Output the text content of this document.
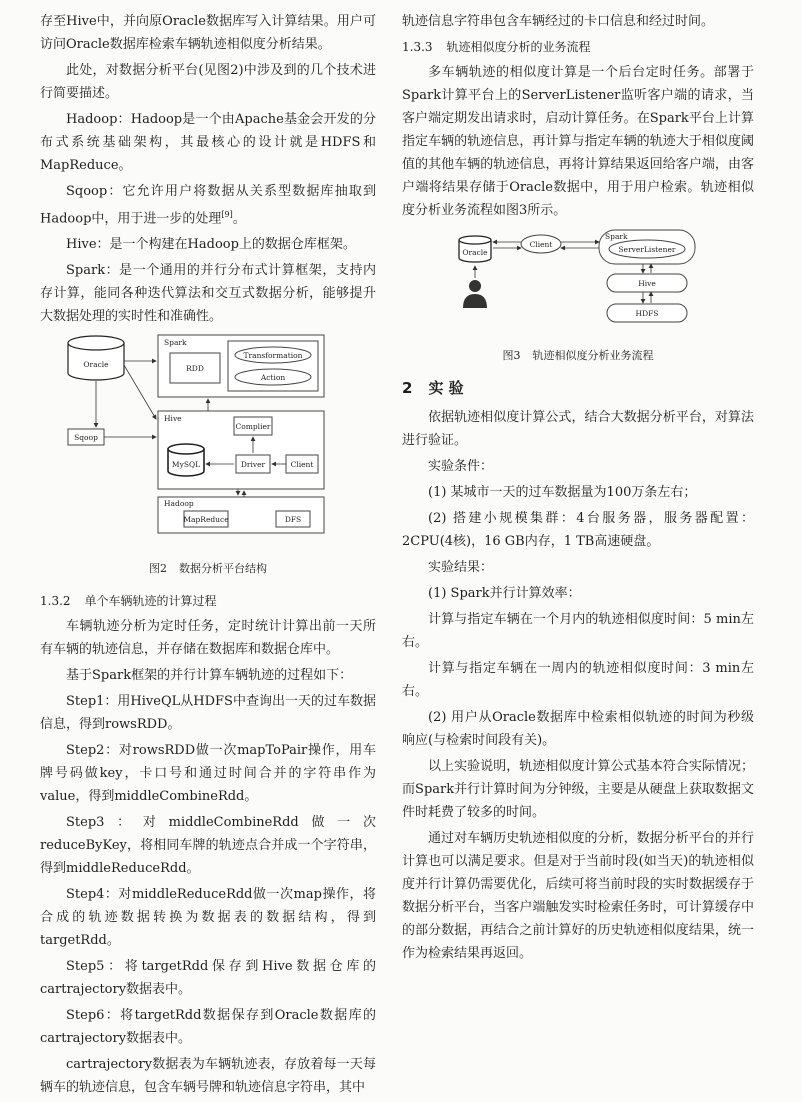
存至Hive中，并向原Oracle数据库写入计算结果。用户可访问Oracle数据库检索车辆轨迹相似度分析结果。

此处，对数据分析平台(见图2)中涉及到的几个技术进行简要描述。

Hadoop：Hadoop是一个由Apache基金会开发的分布式系统基础架构，其最核心的设计就是HDFS和MapReduce。

Sqoop：它允许用户将数据从关系型数据库抽取到Hadoop中，用于进一步的处理[9]。

Hive：是一个构建在Hadoop上的数据仓库框架。

Spark：是一个通用的并行分布式计算框架，支持内存计算，能同各种迭代算法和交互式数据分析，能够提升大数据处理的实时性和准确性。

Oracle
Spark
RDD
Transformation
Action
Hive
Complier
MySQL	Driver	Client
Hadoop
MapReduce	DFS
Sqoop
图2 数据分析平台结构
1.3.2 单个车辆轨迹的计算过程

车辆轨迹分析为定时任务，定时统计计算出前一天所有车辆的轨迹信息，并存储在数据库和数据仓库中。

基于Spark框架的并行计算车辆轨迹的过程如下：

Step1：用HiveQL从HDFS中查询出一天的过车数据信息，得到rowsRDD。

Step2：对rowsRDD做一次mapToPair操作，用车牌号码做key，卡口号和通过时间合并的字符串作为value，得到middleCombineRdd。

Step3：对middleCombineRdd做一次reduceByKey，将相同车牌的轨迹点合并成一个字符串，得到middleReduceRdd。

Step4：对middleReduceRdd做一次map操作，将合成的轨迹数据转换为数据表的数据结构，得到targetRdd。

Step5：将targetRdd保存到Hive数据仓库的cartrajectory数据表中。

Step6：将targetRdd数据保存到Oracle数据库的cartrajectory数据表中。

cartrajectory数据表为车辆轨迹表，存放着每一天每辆车的轨迹信息，包含车辆号牌和轨迹信息字符串，其中

轨迹信息字符串包含车辆经过的卡口信息和经过时间。

1.3.3 轨迹相似度分析的业务流程

多车辆轨迹的相似度计算是一个后台定时任务。部署于Spark计算平台上的ServerListener监听客户端的请求，当客户端定期发出请求时，启动计算任务。在Spark平台上计算指定车辆的轨迹信息，再计算与指定车辆的轨迹大于相似度阈值的其他车辆的轨迹信息，再将计算结果返回给客户端，由客户端将结果存储于Oracle数据中，用于用户检索。轨迹相似度分析业务流程如图3所示。

Oracle
Client
Spark
ServerListener
Hive
HDFS
图3 轨迹相似度分析业务流程
2 实 验

依据轨迹相似度计算公式，结合大数据分析平台，对算法进行验证。

实验条件：

(1) 某城市一天的过车数据量为100万条左右；

(2) 搭建小规模集群：4台服务器，服务器配置：2CPU(4核)，16 GB内存，1 TB高速硬盘。

实验结果：

(1) Spark并行计算效率：

计算与指定车辆在一个月内的轨迹相似度时间：5 min左右。

计算与指定车辆在一周内的轨迹相似度时间：3 min左右。

(2) 用户从Oracle数据库中检索相似轨迹的时间为秒级响应(与检索时间段有关)。

以上实验说明，轨迹相似度计算公式基本符合实际情况；而Spark并行计算时间为分钟级，主要是从硬盘上获取数据文件时耗费了较多的时间。

通过对车辆历史轨迹相似度的分析，数据分析平台的并行计算也可以满足要求。但是对于当前时段(如当天)的轨迹相似度并行计算仍需要优化，后续可将当前时段的实时数据缓存于数据分析平台，当客户端触发实时检索任务时，可计算缓存中的部分数据，再结合之前计算好的历史轨迹相似度结果，统一作为检索结果再返回。
